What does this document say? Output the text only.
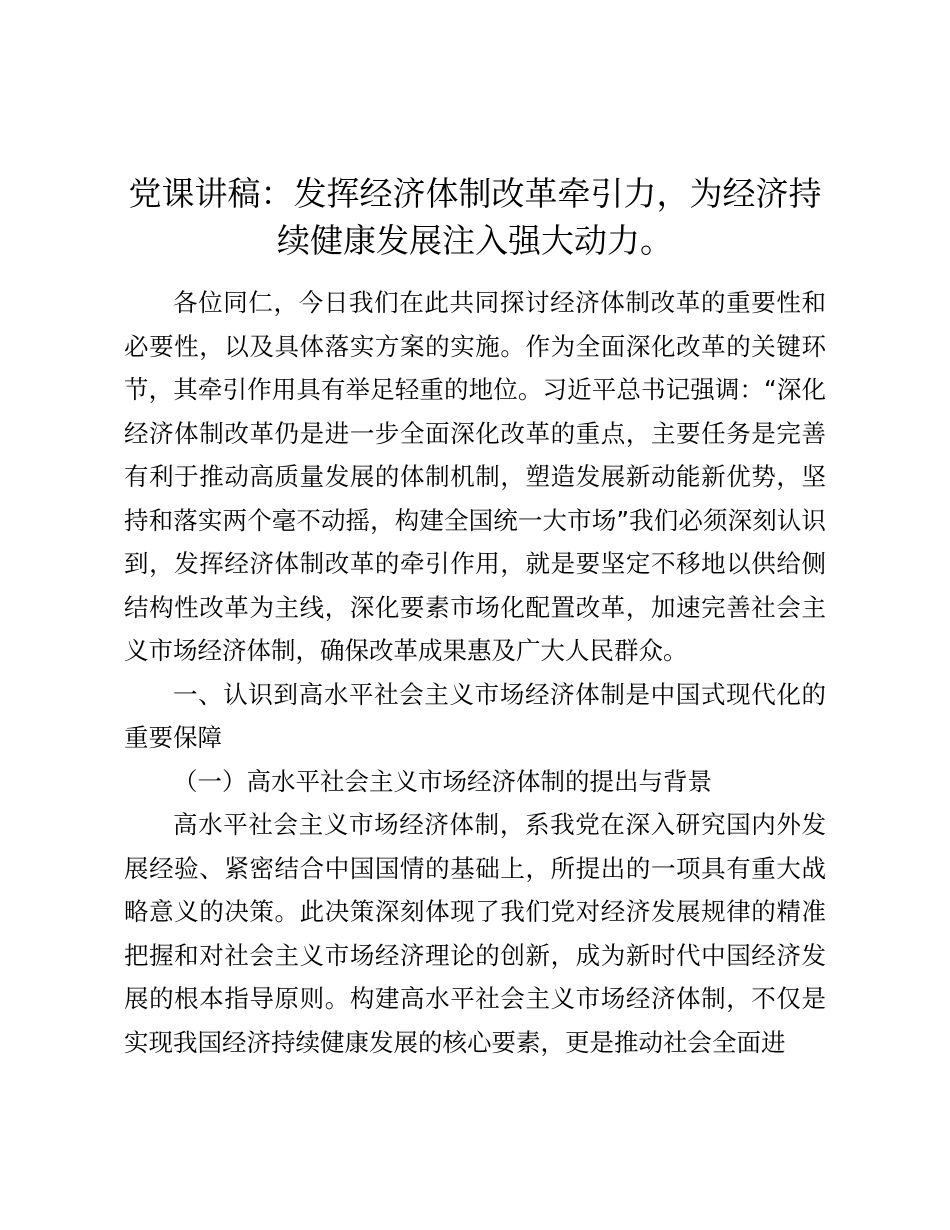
党课讲稿：发挥经济体制改革牵引力，为经济持续健康发展注入强大动力。

各位同仁，今日我们在此共同探讨经济体制改革的重要性和必要性，以及具体落实方案的实施。作为全面深化改革的关键环节，其牵引作用具有举足轻重的地位。习近平总书记强调：“深化经济体制改革仍是进一步全面深化改革的重点，主要任务是完善有利于推动高质量发展的体制机制，塑造发展新动能新优势，坚持和落实两个毫不动摇，构建全国统一大市场”我们必须深刻认识到，发挥经济体制改革的牵引作用，就是要坚定不移地以供给侧结构性改革为主线，深化要素市场化配置改革，加速完善社会主义市场经济体制，确保改革成果惠及广大人民群众。

一、认识到高水平社会主义市场经济体制是中国式现代化的重要保障

（一）高水平社会主义市场经济体制的提出与背景

高水平社会主义市场经济体制，系我党在深入研究国内外发展经验、紧密结合中国国情的基础上，所提出的一项具有重大战略意义的决策。此决策深刻体现了我们党对经济发展规律的精准把握和对社会主义市场经济理论的创新，成为新时代中国经济发展的根本指导原则。构建高水平社会主义市场经济体制，不仅是实现我国经济持续健康发展的核心要素，更是推动社会全面进
